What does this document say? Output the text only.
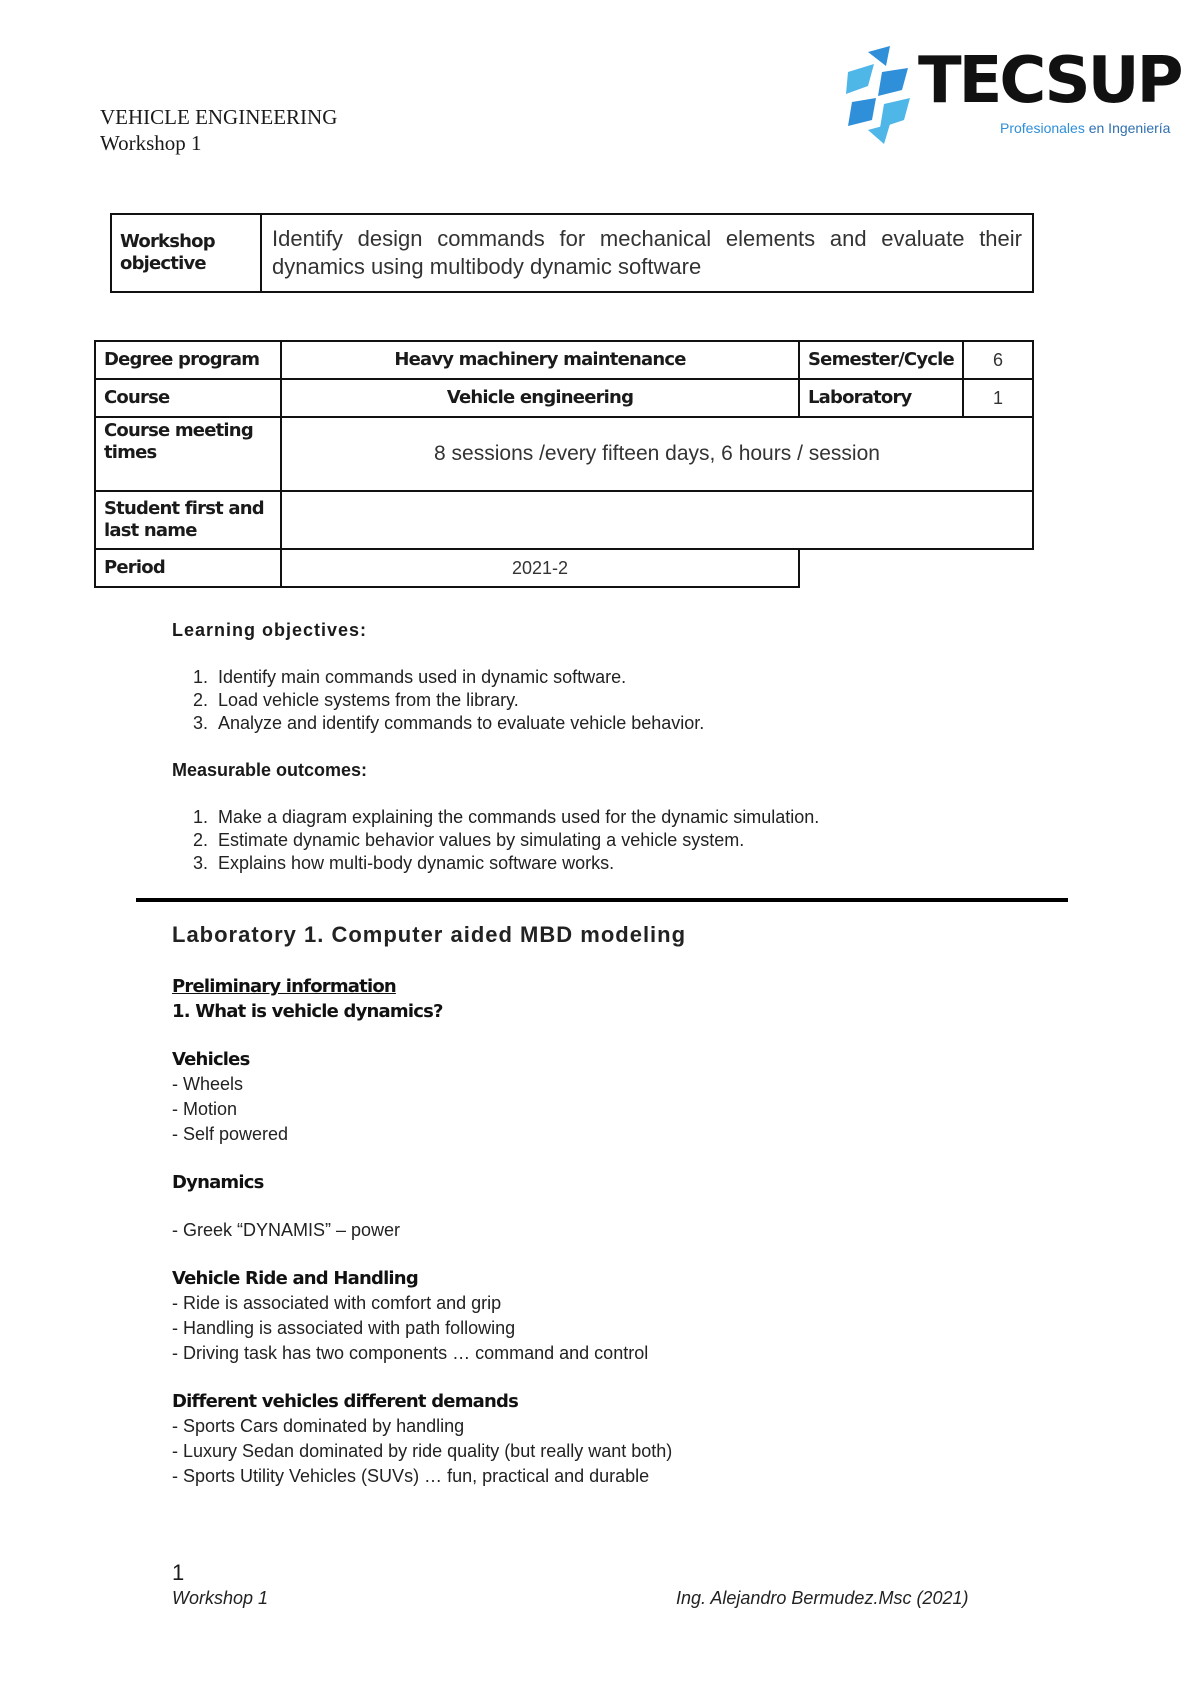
VEHICLE ENGINEERING
Workshop 1
TECSUP
Profesionales en Ingeniería
Workshop objective	Identify design commands for mechanical elements and evaluate their dynamics using multibody dynamic software
Degree program	Heavy machinery maintenance	Semester/Cycle	6
Course	Vehicle engineering	Laboratory	1
Course meeting times	8 sessions /every fifteen days, 6 hours / session		
Student first and last name			
Period	2021-2		
Learning objectives:
1. Identify main commands used in dynamic software.
2. Load vehicle systems from the library.
3. Analyze and identify commands to evaluate vehicle behavior.
Measurable outcomes:
1. Make a diagram explaining the commands used for the dynamic simulation.
2. Estimate dynamic behavior values by simulating a vehicle system.
3. Explains how multi-body dynamic software works.
Laboratory 1. Computer aided MBD modeling
Preliminary information
1. What is vehicle dynamics?
Vehicles
- Wheels
- Motion
- Self powered
Dynamics
- Greek “DYNAMIS” – power
Vehicle Ride and Handling
- Ride is associated with comfort and grip
- Handling is associated with path following
- Driving task has two components … command and control
Different vehicles different demands
- Sports Cars dominated by handling
- Luxury Sedan dominated by ride quality (but really want both)
- Sports Utility Vehicles (SUVs) … fun, practical and durable
1
Workshop 1	Ing. Alejandro Bermudez.Msc (2021)
